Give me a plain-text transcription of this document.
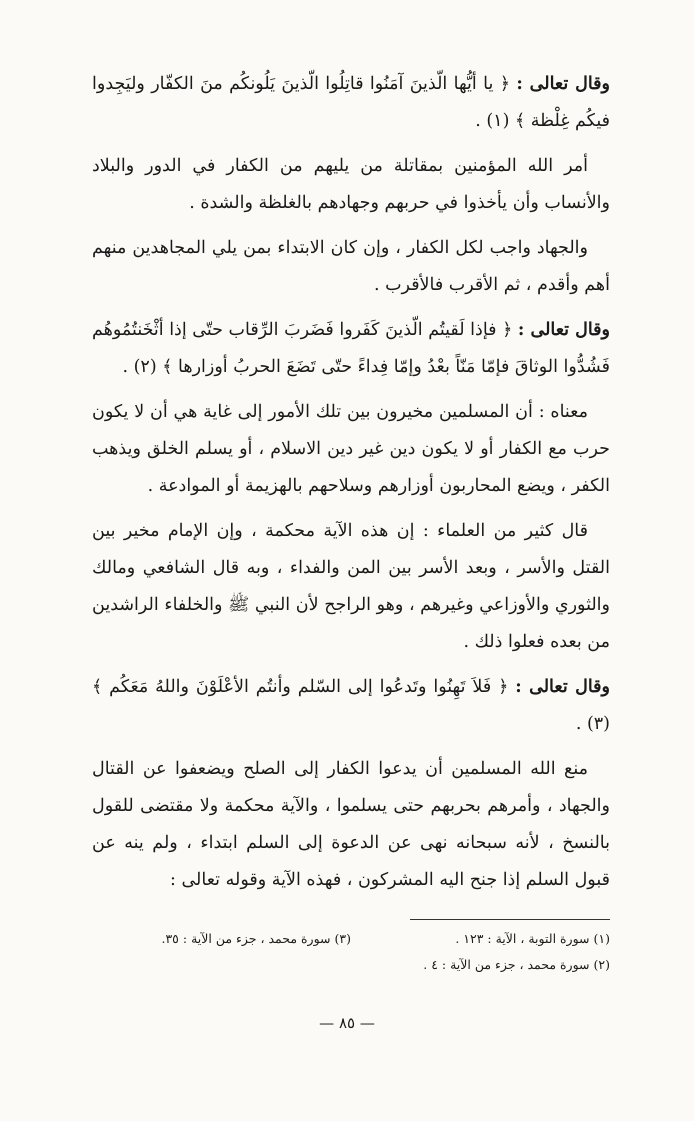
وقال تعالى : ﴿ يا أيُّها الّذينَ آمَنُوا قاتِلُوا الّذينَ يَلُونكُم منَ الكفّار وليَجِدوا فيكُم غِلْظة ﴾ (١) .

أمر الله المؤمنين بمقاتلة من يليهم من الكفار في الدور والبلاد والأنساب وأن يأخذوا في حربهم وجهادهم بالغلظة والشدة .

والجهاد واجب لكل الكفار ، وإن كان الابتداء بمن يلي المجاهدين منهم أهم وأقدم ، ثم الأقرب فالأقرب .

وقال تعالى : ﴿ فإذا لَقيتُم الّذينَ كَفَروا فَضَربَ الرِّقاب حتّى إذا أثْخَنتُمُوهُم فَشُدُّوا الوثاقَ فإمّا مَنّاً بعْدُ وإمّا فِداءً حتّى تَضَعَ الحربُ أوزارها ﴾ (٢) .

معناه : أن المسلمين مخيرون بين تلك الأمور إلى غاية هي أن لا يكون حرب مع الكفار أو لا يكون دين غير دين الاسلام ، أو يسلم الخلق ويذهب الكفر ، ويضع المحاربون أوزارهم وسلاحهم بالهزيمة أو الموادعة .

قال كثير من العلماء : إن هذه الآية محكمة ، وإن الإمام مخير بين القتل والأسر ، وبعد الأسر بين المن والفداء ، وبه قال الشافعي ومالك والثوري والأوزاعي وغيرهم ، وهو الراجح لأن النبي ﷺ والخلفاء الراشدين من بعده فعلوا ذلك .

وقال تعالى : ﴿ فَلاَ تَهِنُوا وتَدعُوا إلى السّلم وأنتُم الأعْلَوْنَ واللهُ مَعَكُم ﴾ (٣) .

منع الله المسلمين أن يدعوا الكفار إلى الصلح ويضعفوا عن القتال والجهاد ، وأمرهم بحربهم حتى يسلموا ، والآية محكمة ولا مقتضى للقول بالنسخ ، لأنه سبحانه نهى عن الدعوة إلى السلم ابتداء ، ولم ينه عن قبول السلم إذا جنح اليه المشركون ، فهذه الآية وقوله تعالى :

(١) سورة التوبة ، الآية : ١٢٣ .
(٢) سورة محمد ، جزء من الآية : ٤ .
(٣) سورة محمد ، جزء من الآية : ٣٥.
— ٨٥ —
